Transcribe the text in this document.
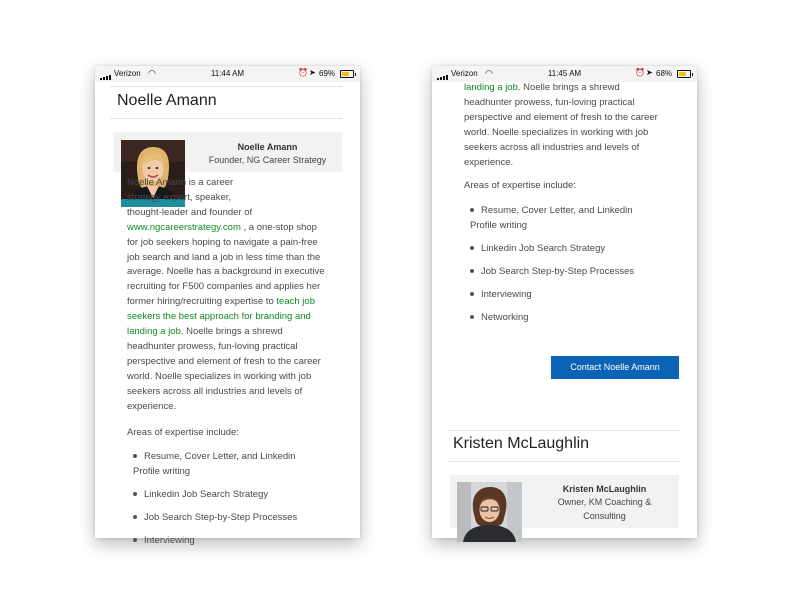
Verizon ◠	11:44 AM	⏰ ➤ 69%
Noelle Amann
Noelle Amann
Founder, NG Career Strategy
Noelle Amann is a career
strategy expert, speaker,
thought-leader and founder of
www.ngcareerstrategy.com , a one-stop shop
for job seekers hoping to navigate a pain-free
job search and land a job in less time than the
average. Noelle has a background in executive
recruiting for F500 companies and applies her
former hiring/recruiting expertise to teach job
seekers the best approach for branding and
landing a job. Noelle brings a shrewd
headhunter prowess, fun-loving practical
perspective and element of fresh to the career
world. Noelle specializes in working with job
seekers across all industries and levels of
experience.
Areas of expertise include:
Resume, Cover Letter, and Linkedin
Profile writing
Linkedin Job Search Strategy
Job Search Step-by-Step Processes
Interviewing
Verizon ◠	11:45 AM	⏰ ➤ 68%
landing a job. Noelle brings a shrewd
headhunter prowess, fun-loving practical
perspective and element of fresh to the career
world. Noelle specializes in working with job
seekers across all industries and levels of
experience.
Areas of expertise include:
Resume, Cover Letter, and Linkedin
Profile writing
Linkedin Job Search Strategy
Job Search Step-by-Step Processes
Interviewing
Networking
Contact Noelle Amann
Kristen McLaughlin
Kristen McLaughlin
Owner, KM Coaching &
Consulting
